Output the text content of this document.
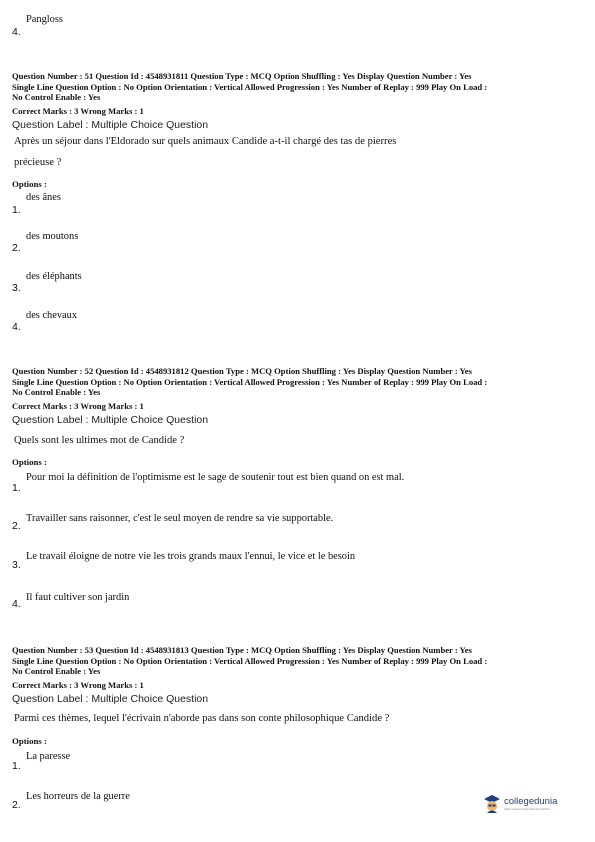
4.
Pangloss
Question Number : 51 Question Id : 4548931811 Question Type : MCQ Option Shuffling : Yes Display Question Number : Yes
Single Line Question Option : No Option Orientation : Vertical Allowed Progression : Yes Number of Replay : 999 Play On Load :
No Control Enable : Yes
Correct Marks : 3 Wrong Marks : 1
Question Label : Multiple Choice Question
Après un séjour dans l'Eldorado sur quels animaux Candide a-t-il chargé des tas de pierres
précieuse ?
Options :
1.
des ânes
2.
des moutons
3.
des éléphants
4.
des chevaux
Question Number : 52 Question Id : 4548931812 Question Type : MCQ Option Shuffling : Yes Display Question Number : Yes
Single Line Question Option : No Option Orientation : Vertical Allowed Progression : Yes Number of Replay : 999 Play On Load :
No Control Enable : Yes
Correct Marks : 3 Wrong Marks : 1
Question Label : Multiple Choice Question
Quels sont les ultimes mot de Candide ?
Options :
1.
Pour moi la définition de l'optimisme est le sage de soutenir tout est bien quand on est mal.
2.
Travailler sans raisonner, c'est le seul moyen de rendre sa vie supportable.
3.
Le travail éloigne de notre vie les trois grands maux l'ennui, le vice et le besoin
4.
Il faut cultiver son jardin
Question Number : 53 Question Id : 4548931813 Question Type : MCQ Option Shuffling : Yes Display Question Number : Yes
Single Line Question Option : No Option Orientation : Vertical Allowed Progression : Yes Number of Replay : 999 Play On Load :
No Control Enable : Yes
Correct Marks : 3 Wrong Marks : 1
Question Label : Multiple Choice Question
Parmi ces thèmes, lequel l'écrivain n'aborde pas dans son conte philosophique Candide ?
Options :
1.
La paresse
2.
Les horreurs de la guerre	collegedunia
India's Largest Student Review Platform
